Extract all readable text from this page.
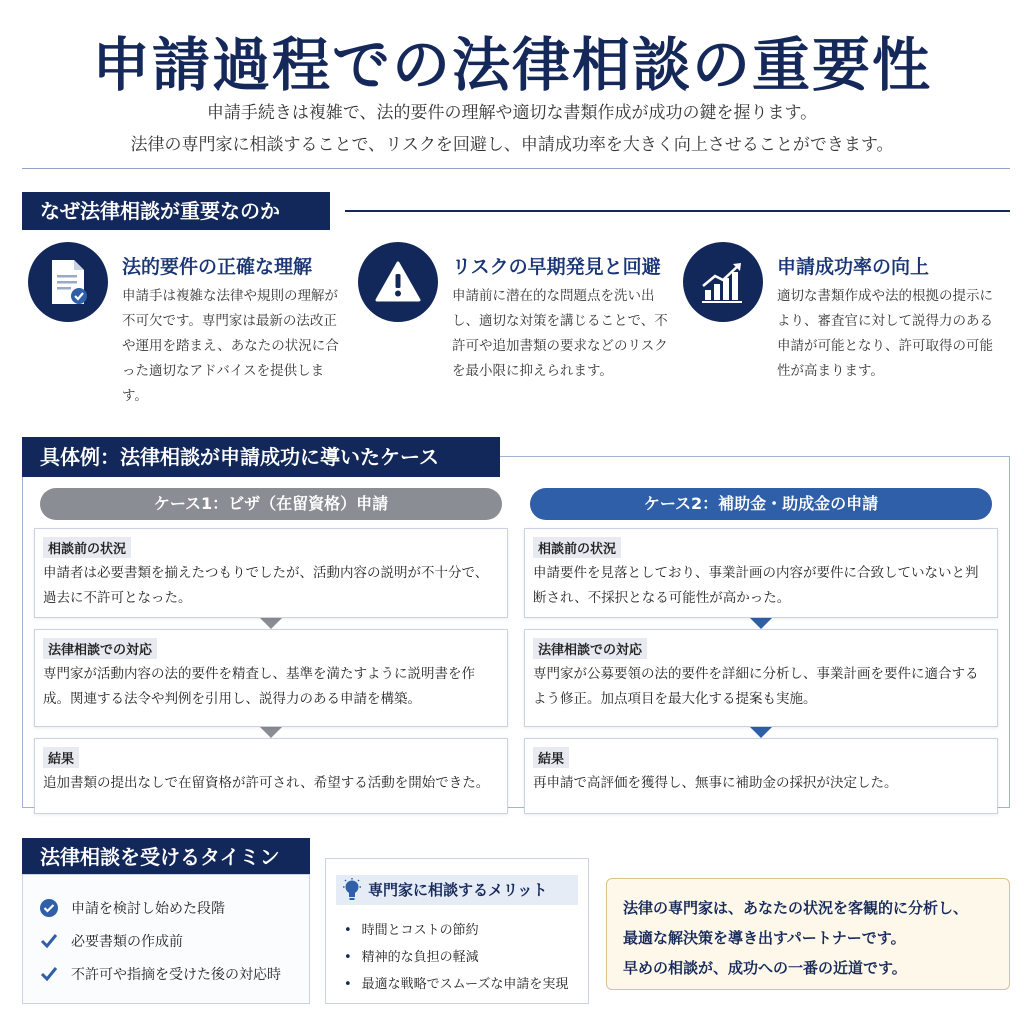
申請過程での法律相談の重要性

申請手続きは複雑で、法的要件の理解や適切な書類作成が成功の鍵を握ります。

法律の専門家に相談することで、リスクを回避し、申請成功率を大きく向上させることができます。

なぜ法律相談が重要なのか
法的要件の正確な理解

申請手は複雑な法律や規則の理解が不可欠です。専門家は最新の法改正や運用を踏まえ、あなたの状況に合った適切なアドバイスを提供します。

リスクの早期発見と回避

申請前に潜在的な問題点を洗い出し、適切な対策を講じることで、不許可や追加書類の要求などのリスクを最小限に抑えられます。

申請成功率の向上

適切な書類作成や法的根拠の提示により、審査官に対して説得力のある申請が可能となり、許可取得の可能性が高まります。

具体例：法律相談が申請成功に導いたケース
ケース1：ビザ（在留資格）申請
相談前の状況
申請者は必要書類を揃えたつもりでしたが、活動内容の説明が不十分で、過去に不許可となった。
法律相談での対応
専門家が活動内容の法的要件を精査し、基準を満たすように説明書を作成。関連する法令や判例を引用し、説得力のある申請を構築。
結果
追加書類の提出なしで在留資格が許可され、希望する活動を開始できた。
ケース2：補助金・助成金の申請
相談前の状況
申請要件を見落としており、事業計画の内容が要件に合致していないと判断され、不採択となる可能性が高かった。
法律相談での対応
専門家が公募要領の法的要件を詳細に分析し、事業計画を要件に適合するよう修正。加点項目を最大化する提案も実施。
結果
再申請で高評価を獲得し、無事に補助金の採択が決定した。
法律相談を受けるタイミン
申請を検討し始めた段階
必要書類の作成前
不許可や指摘を受けた後の対応時
専門家に相談するメリット
• 時間とコストの節約
• 精神的な負担の軽減
• 最適な戦略でスムーズな申請を実現

法律の専門家は、あなたの状況を客観的に分析し、

最適な解決策を導き出すパートナーです。

早めの相談が、成功への一番の近道です。
